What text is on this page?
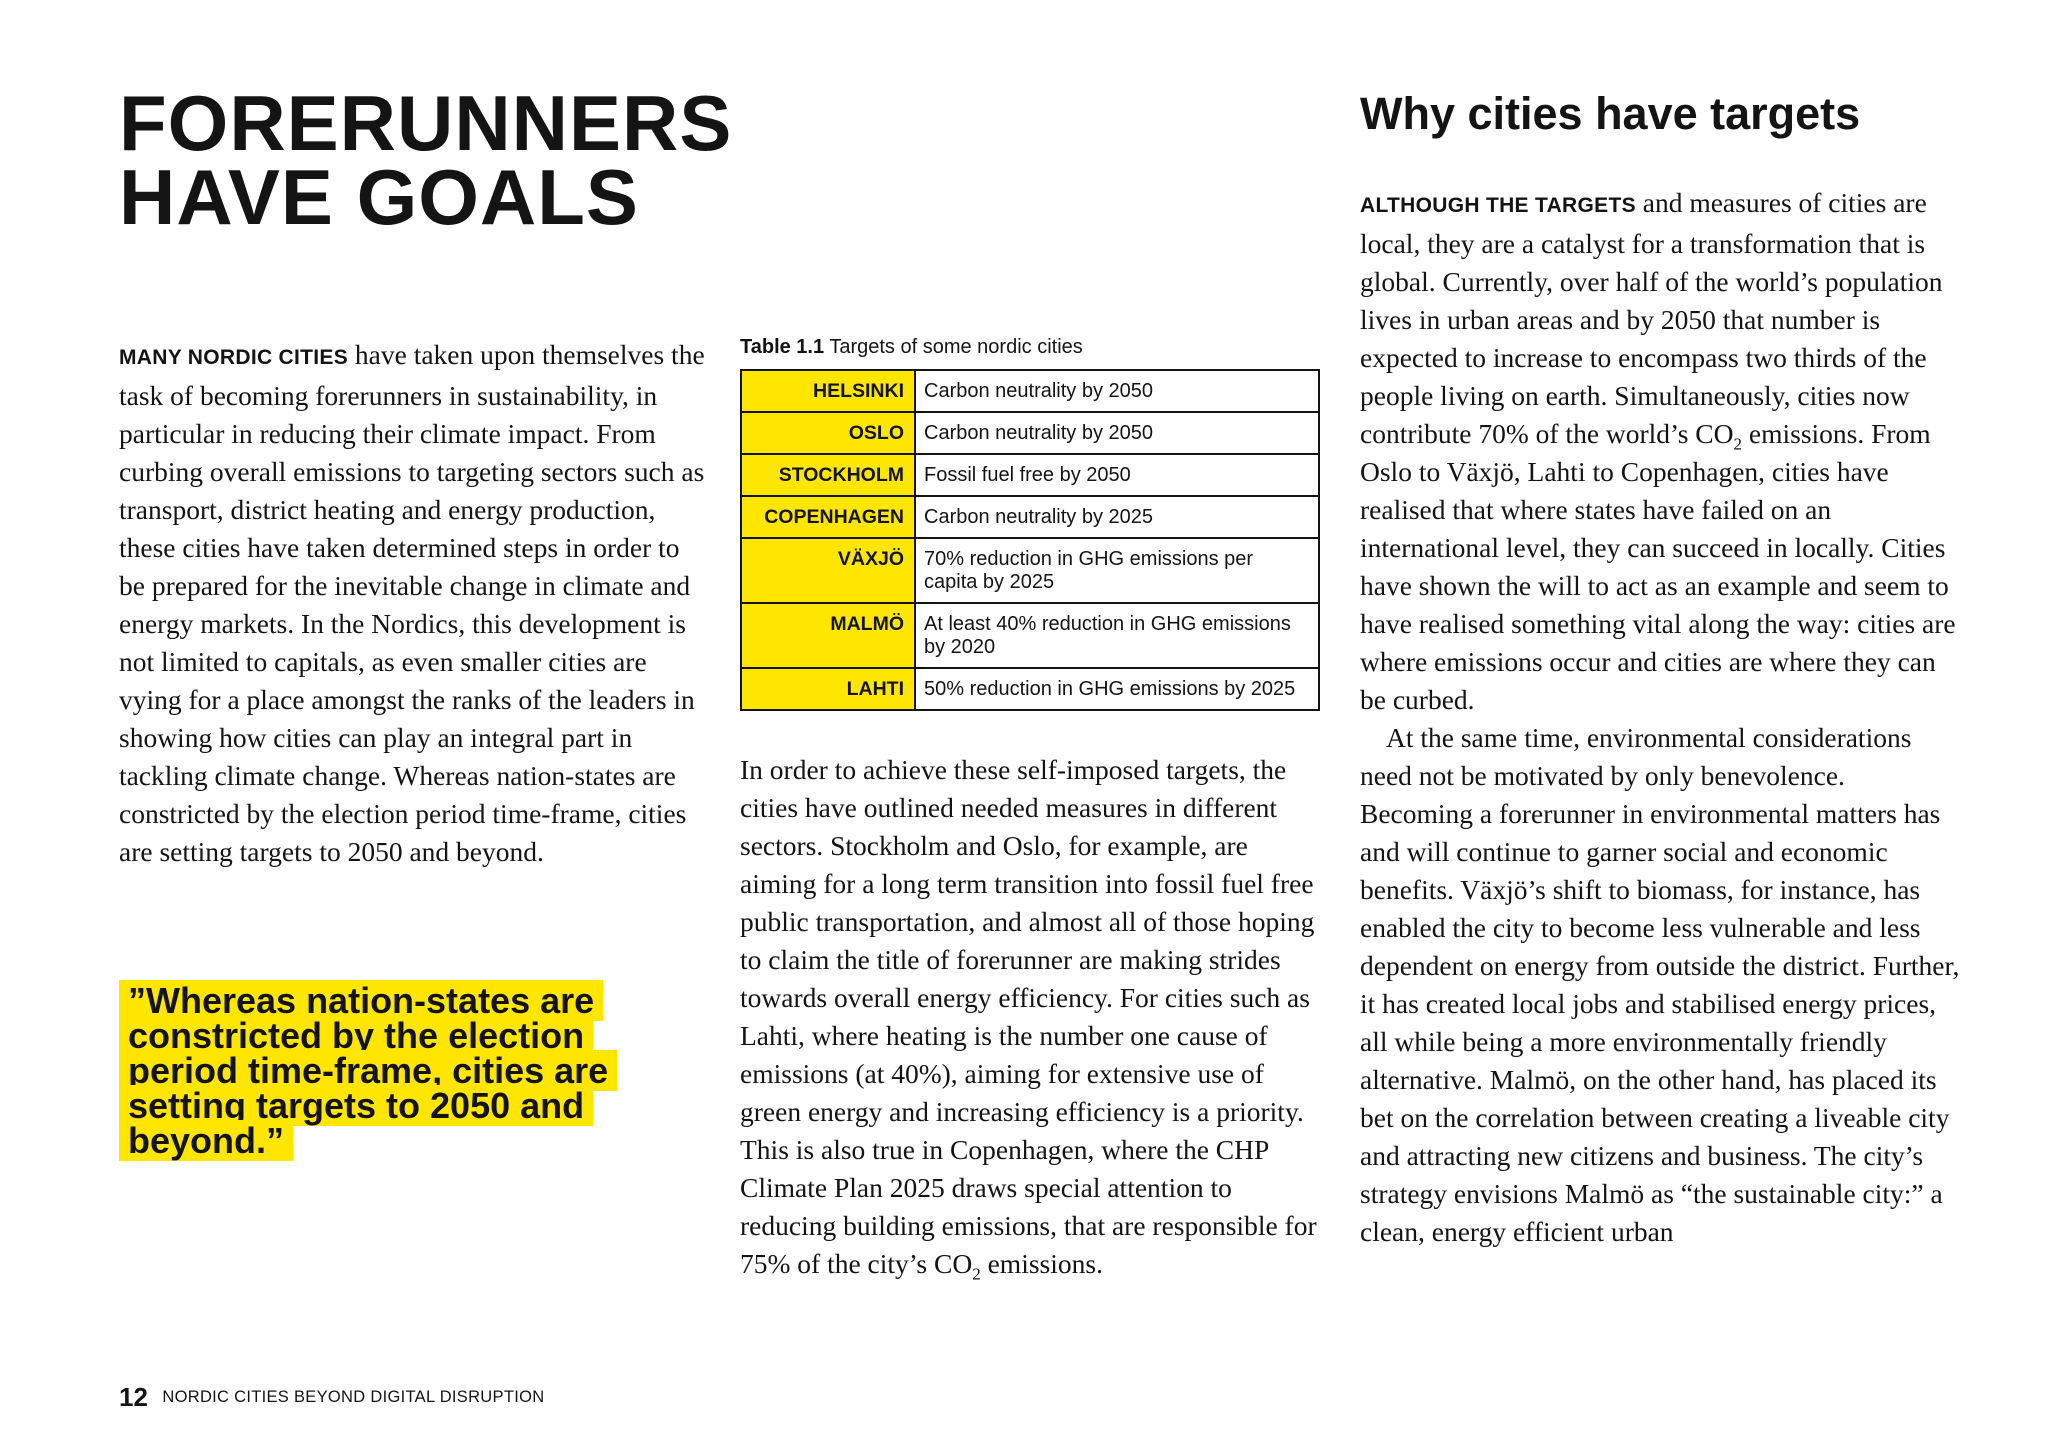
FORERUNNERS
HAVE GOALS

MANY NORDIC CITIES have taken upon themselves the task of becoming forerunners in sustainability, in particular in reducing their climate impact. From curbing overall emissions to targeting sectors such as transport, district heating and energy production, these cities have taken determined steps in order to be prepared for the inevitable change in climate and energy markets. In the Nordics, this development is not limited to capitals, as even smaller cities are vying for a place amongst the ranks of the leaders in showing how cities can play an integral part in tackling climate change. Whereas nation-states are constricted by the election period time-frame, cities are setting targets to 2050 and beyond.

”Whereas nation-states are constricted by the election period time-frame, cities are setting targets to 2050 and beyond.”

Table 1.1 Targets of some nordic cities

HELSINKI	Carbon neutrality by 2050
OSLO	Carbon neutrality by 2050
STOCKHOLM	Fossil fuel free by 2050
COPENHAGEN	Carbon neutrality by 2025
VÄXJÖ	70% reduction in GHG emissions per capita by 2025
MALMÖ	At least 40% reduction in GHG emissions by 2020
LAHTI	50% reduction in GHG emissions by 2025

In order to achieve these self-imposed targets, the cities have outlined needed measures in different sectors. Stockholm and Oslo, for example, are aiming for a long term transition into fossil fuel free public transportation, and almost all of those hoping to claim the title of forerunner are making strides towards overall energy efficiency. For cities such as Lahti, where heating is the number one cause of emissions (at 40%), aiming for extensive use of green energy and increasing efficiency is a priority. This is also true in Copenhagen, where the CHP Climate Plan 2025 draws special attention to reducing building emissions, that are responsible for 75% of the city’s $CO_2$ emissions.

Why cities have targets

ALTHOUGH THE TARGETS and measures of cities are local, they are a catalyst for a transformation that is global. Currently, over half of the world’s population lives in urban areas and by 2050 that number is expected to increase to encompass two thirds of the people living on earth. Simultaneously, cities now contribute 70% of the world’s $CO_2$ emissions. From Oslo to Växjö, Lahti to Copenhagen, cities have realised that where states have failed on an international level, they can succeed in locally. Cities have shown the will to act as an example and seem to have realised something vital along the way: cities are where emissions occur and cities are where they can be curbed.

At the same time, environmental considerations need not be motivated by only benevolence. Becoming a forerunner in environmental matters has and will continue to garner social and economic benefits. Växjö’s shift to biomass, for instance, has enabled the city to become less vulnerable and less dependent on energy from outside the district. Further, it has created local jobs and stabilised energy prices, all while being a more environmentally friendly alternative. Malmö, on the other hand, has placed its bet on the correlation between creating a liveable city and attracting new citizens and business. The city’s strategy envisions Malmö as “the sustainable city:” a clean, energy efficient urban

12 NORDIC CITIES BEYOND DIGITAL DISRUPTION
